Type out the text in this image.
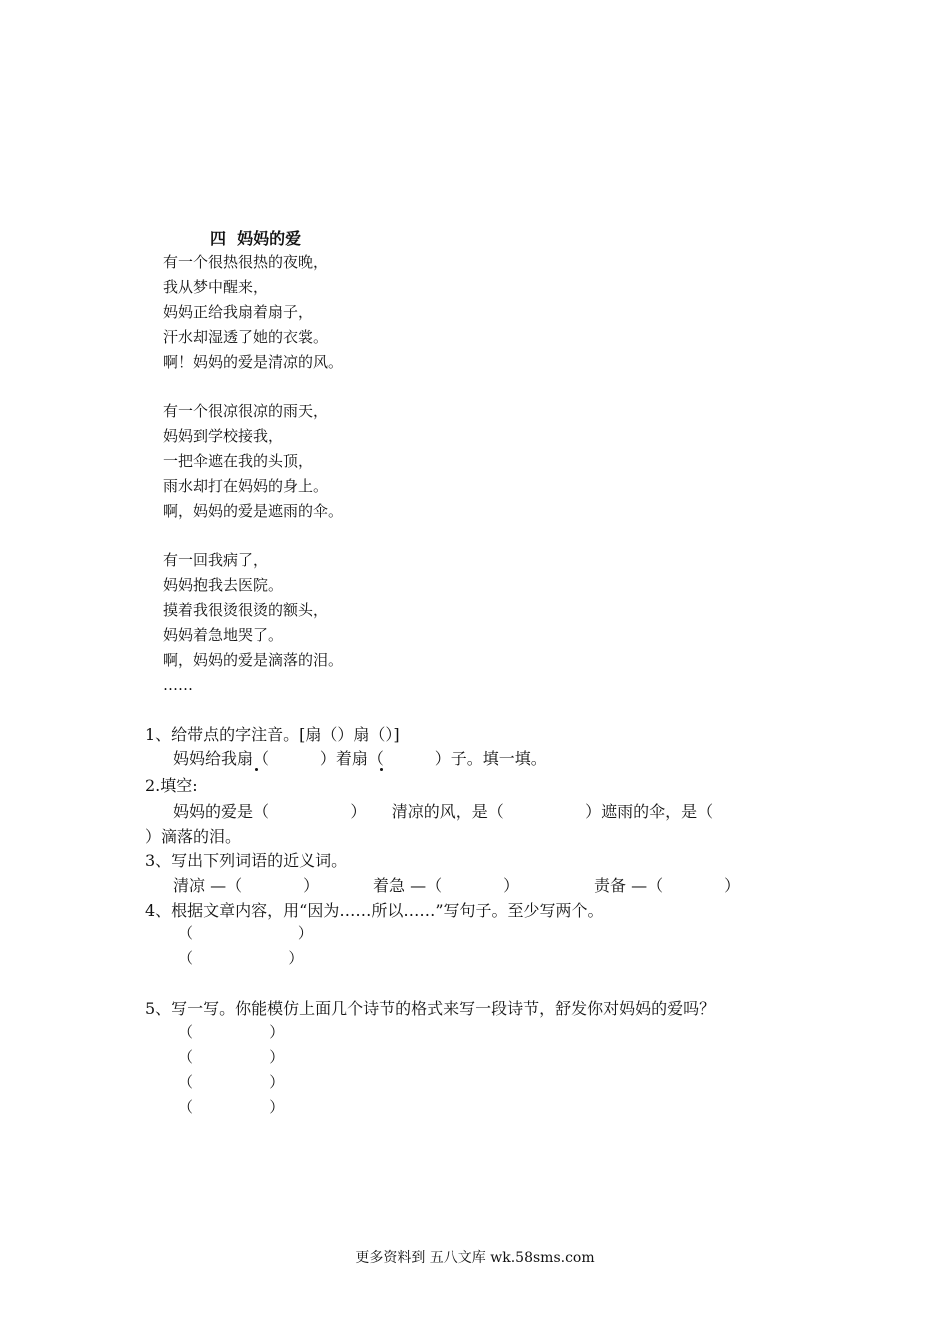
四  妈妈的爱
有一个很热很热的夜晚，
我从梦中醒来，
妈妈正给我扇着扇子，
汗水却湿透了她的衣裳。
啊！妈妈的爱是清凉的风。
有一个很凉很凉的雨天，
妈妈到学校接我，
一把伞遮在我的头顶，
雨水却打在妈妈的身上。
啊，妈妈的爱是遮雨的伞。
有一回我病了，
妈妈抱我去医院。
摸着我很烫很烫的额头，
妈妈着急地哭了。
啊，妈妈的爱是滴落的泪。
……
1、给带点的字注音。[扇（）扇（）]
妈妈给我扇（          ）着扇（          ）子。填一填。
2.填空:
妈妈的爱是（                ）     清凉的风，是（                ）遮雨的伞，是（
）滴落的泪。
3、写出下列词语的近义词。
清凉 —（            ）	着急 —（            ）	责备 —（            ）
4、根据文章内容，用“因为……所以……”写句子。至少写两个。
（                      ）
（                    ）
5、写一写。你能模仿上面几个诗节的格式来写一段诗节，舒发你对妈妈的爱吗？
（                ）
（                ）
（                ）
（                ）
更多资料到 五八文库 wk.58sms.com
